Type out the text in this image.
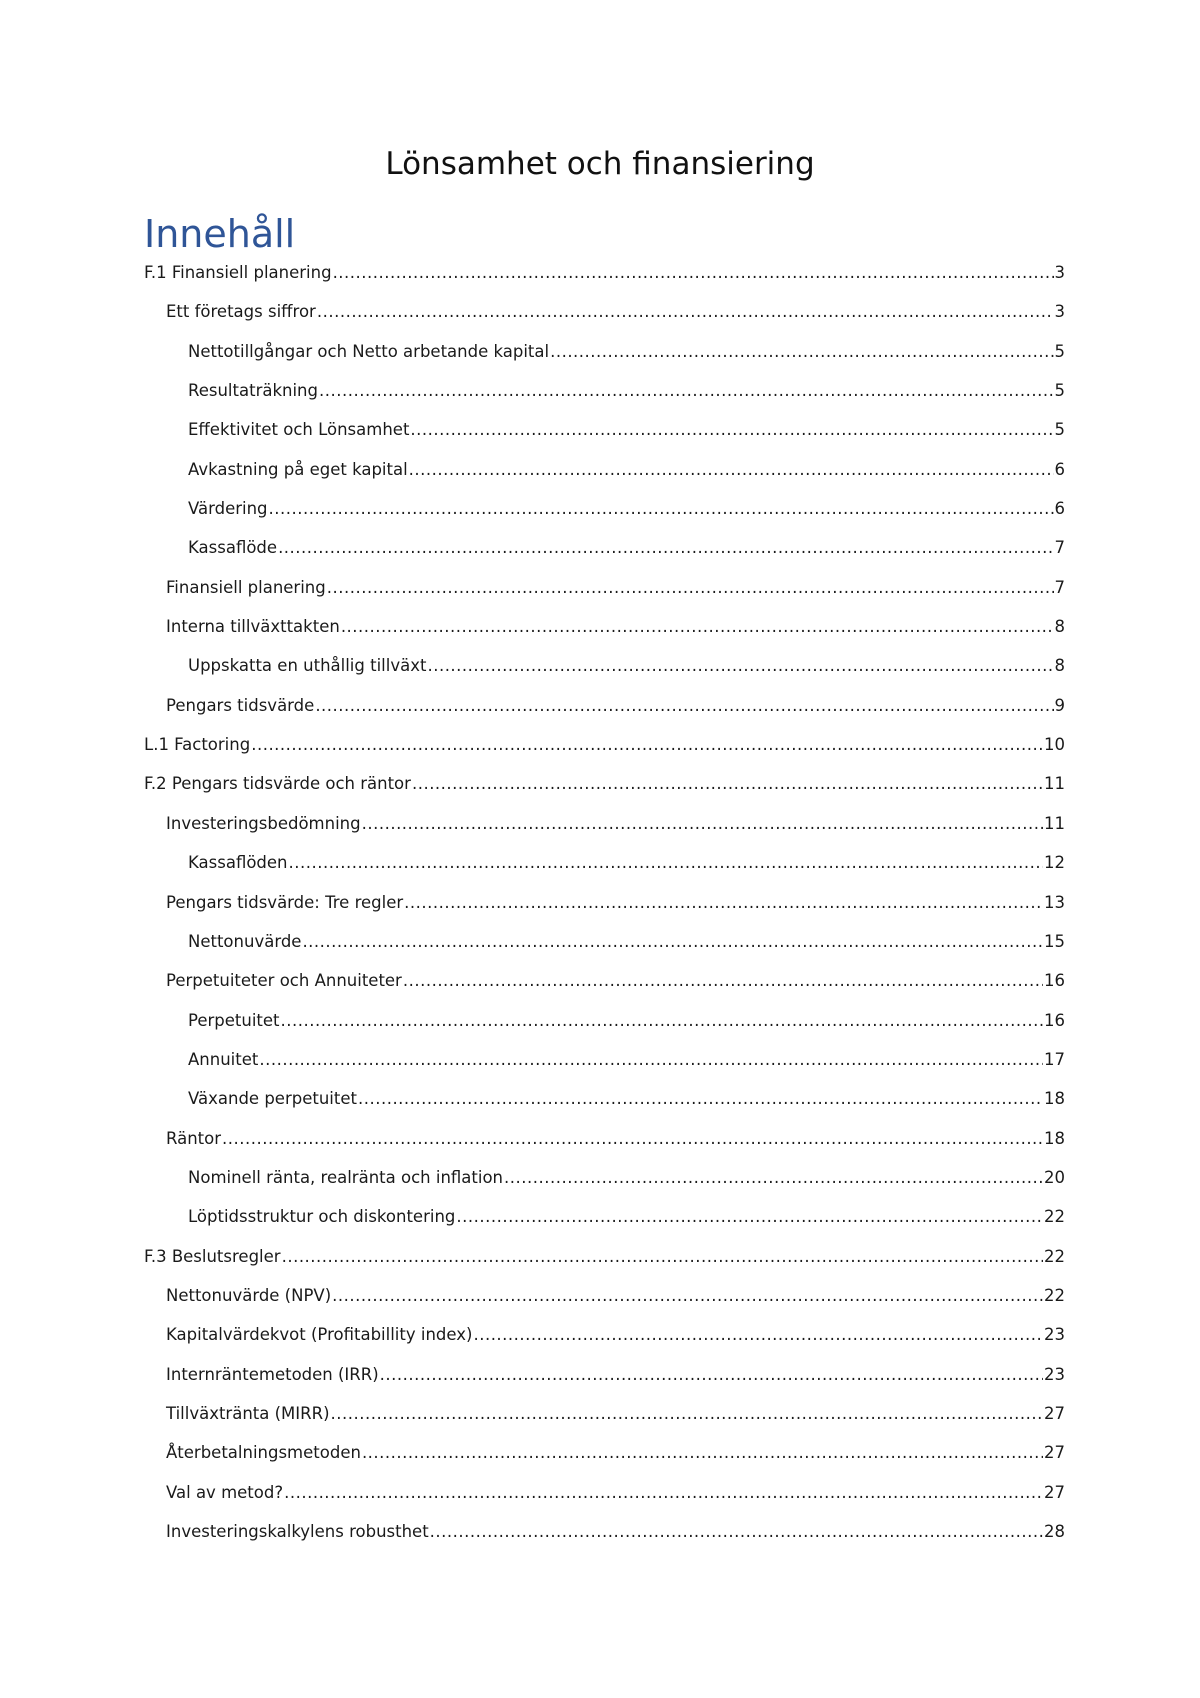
Lönsamhet och finansiering
Innehåll
F.1 Finansiell planering .....	3
Ett företags siffror .....	3
Nettotillgångar och Netto arbetande kapital .....	5
Resultaträkning .....	5
Effektivitet och Lönsamhet .....	5
Avkastning på eget kapital .....	6
Värdering .....	6
Kassaflöde .....	7
Finansiell planering .....	7
Interna tillväxttakten .....	8
Uppskatta en uthållig tillväxt .....	8
Pengars tidsvärde .....	9
L.1 Factoring .....	10
F.2 Pengars tidsvärde och räntor .....	11
Investeringsbedömning .....	11
Kassaflöden .....	12
Pengars tidsvärde: Tre regler .....	13
Nettonuvärde .....	15
Perpetuiteter och Annuiteter .....	16
Perpetuitet .....	16
Annuitet .....	17
Växande perpetuitet .....	18
Räntor .....	18
Nominell ränta, realränta och inflation .....	20
Löptidsstruktur och diskontering .....	22
F.3 Beslutsregler .....	22
Nettonuvärde (NPV) .....	22
Kapitalvärdekvot (Profitabillity index) .....	23
Internräntemetoden (IRR) .....	23
Tillväxtränta (MIRR) .....	27
Återbetalningsmetoden .....	27
Val av metod? .....	27
Investeringskalkylens robusthet .....	28
